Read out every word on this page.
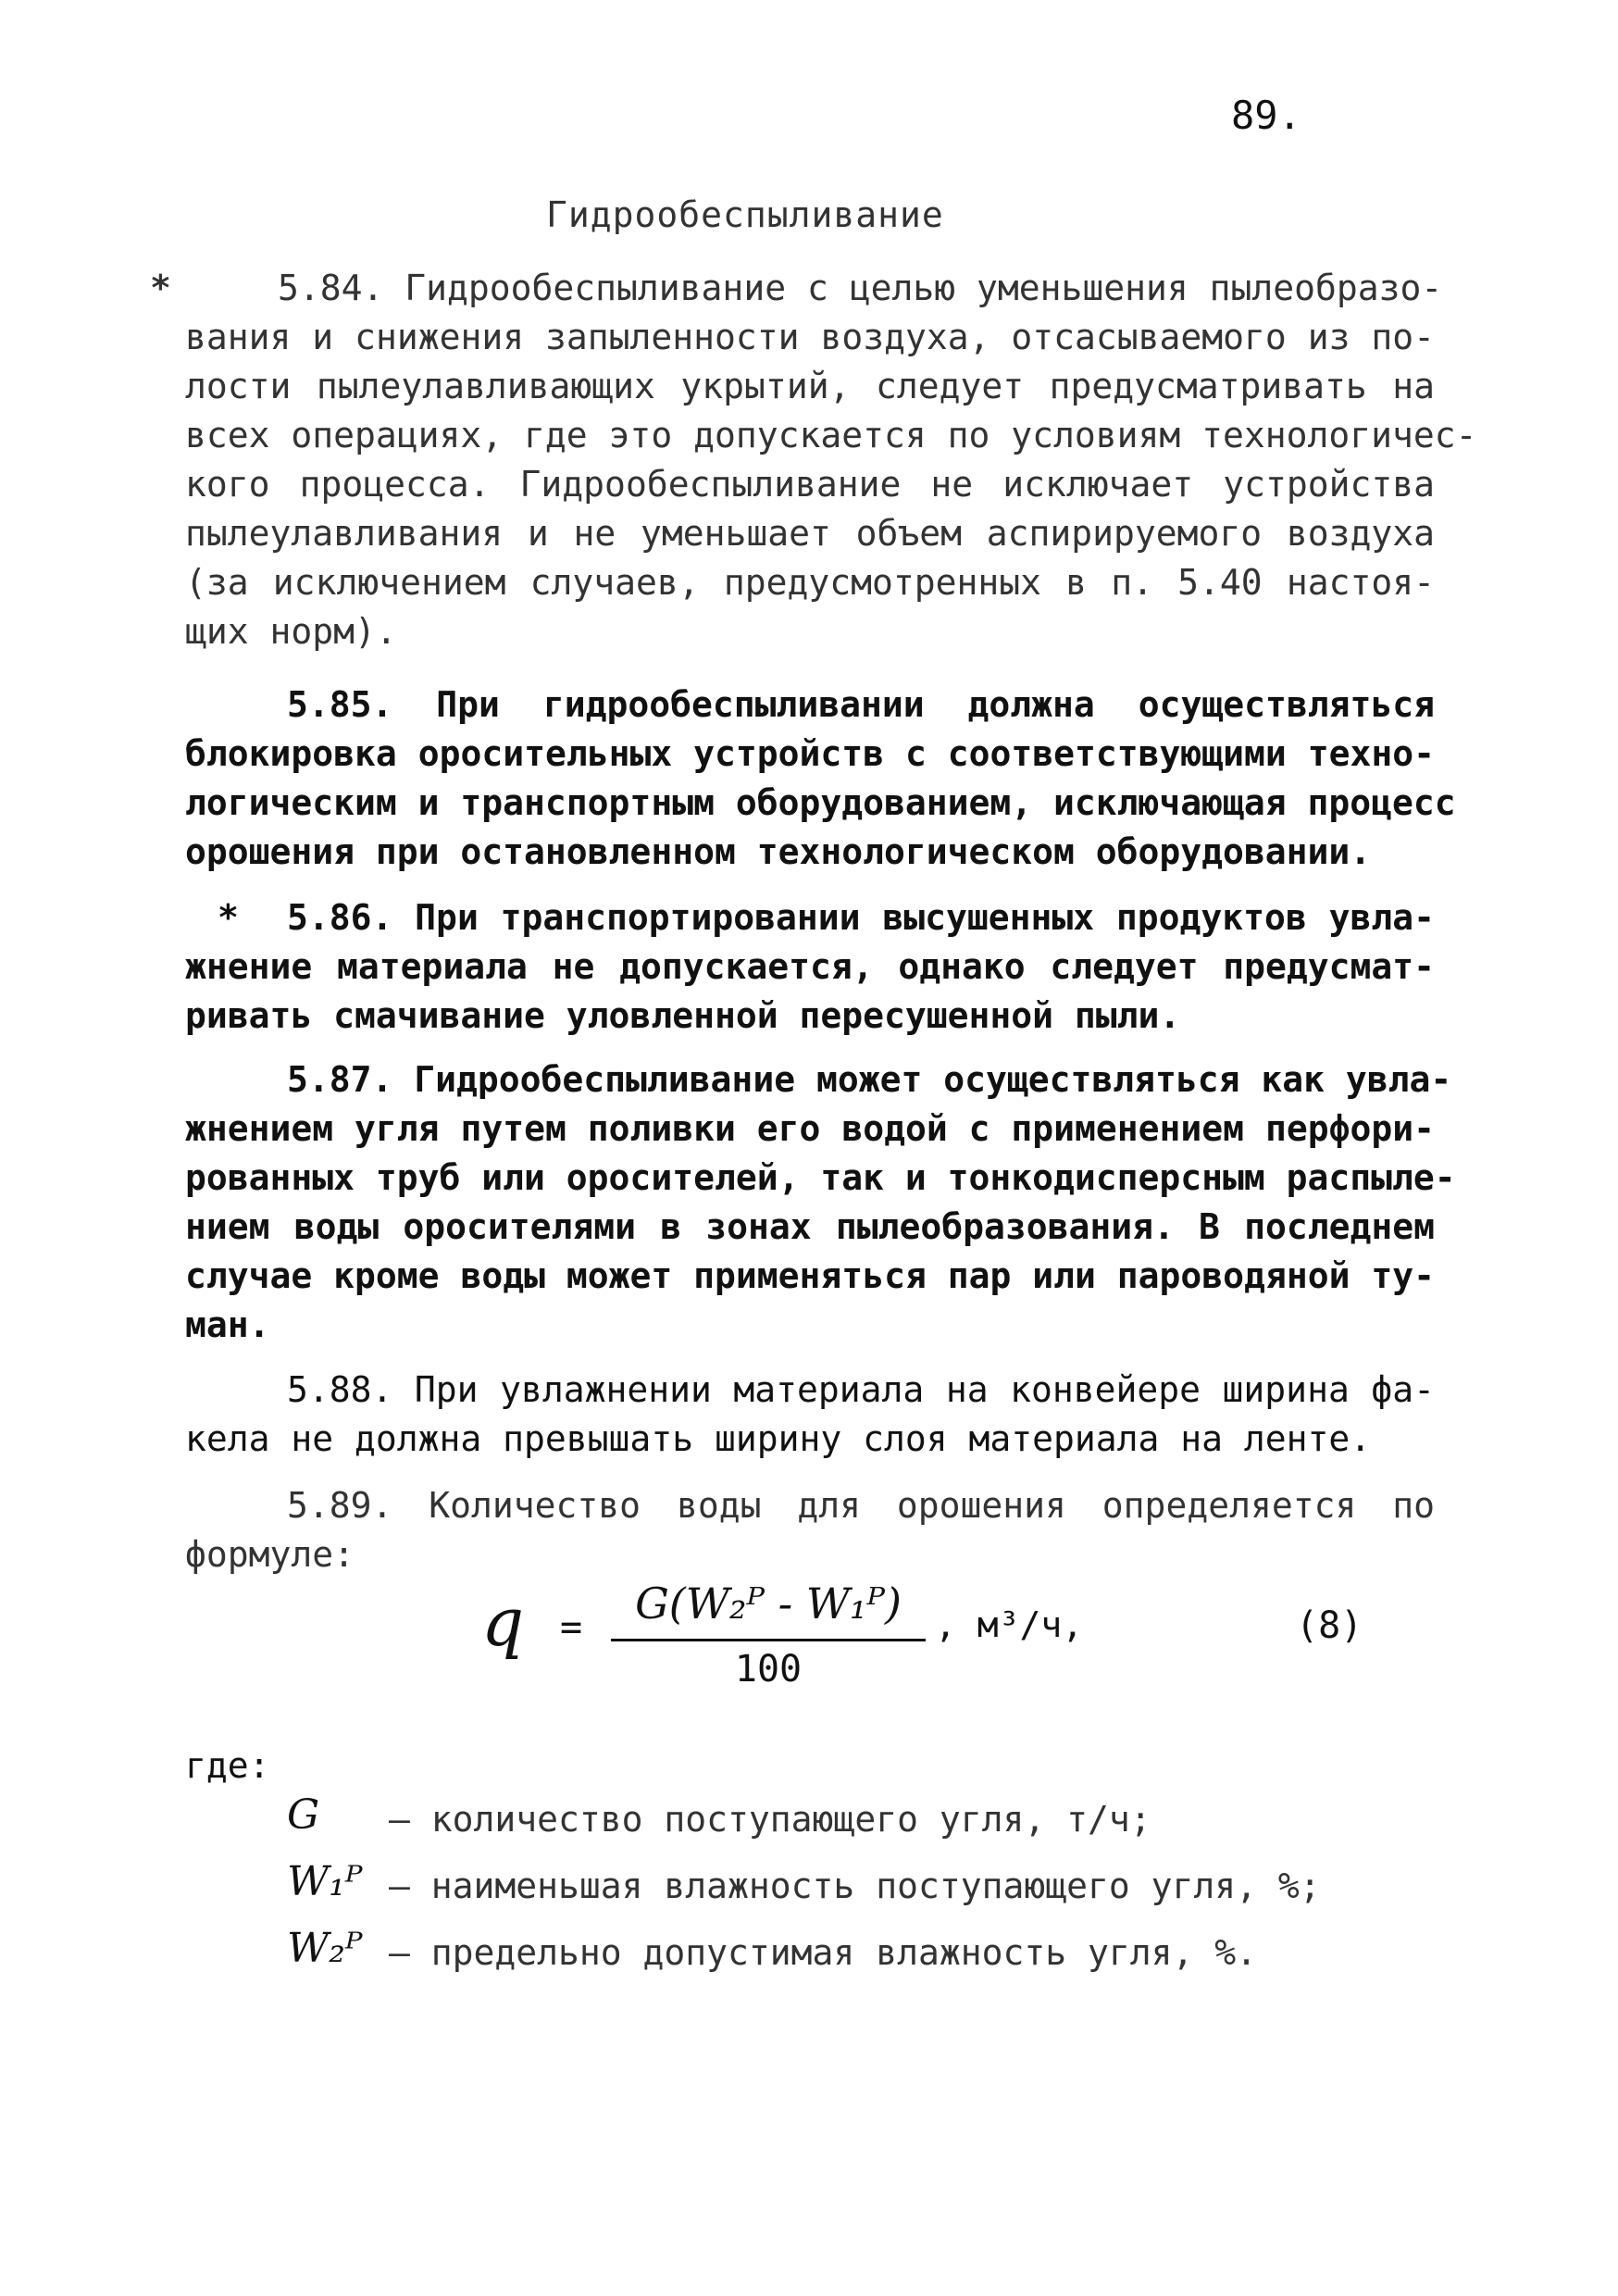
89.
Гидрообеспыливание
*	5.84. Гидрообеспыливание с целью уменьшения пылеобразо-
вания и снижения запыленности воздуха, отсасываемого из по-
лости пылеулавливающих укрытий, следует предусматривать на
всех операциях, где это допускается по условиям технологичес-
кого процесса. Гидрообеспыливание не исключает устройства
пылеулавливания и не уменьшает объем аспирируемого воздуха
(за исключением случаев, предусмотренных в п. 5.40 настоя-
щих норм).
5.85. При гидрообеспыливании должна осуществляться
блокировка оросительных устройств с соответствующими техно-
логическим и транспортным оборудованием, исключающая процесс
орошения при остановленном технологическом оборудовании.
*	5.86. При транспортировании высушенных продуктов увла-
жнение материала не допускается, однако следует предусмат-
ривать смачивание уловленной пересушенной пыли.
5.87. Гидрообеспыливание может осуществляться как увла-
жнением угля путем поливки его водой с применением перфори-
рованных труб или оросителей, так и тонкодисперсным распыле-
нием воды оросителями в зонах пылеобразования. В последнем
случае кроме воды может применяться пар или пароводяной ту-
ман.
5.88. При увлажнении материала на конвейере ширина фа-
кела не должна превышать ширину слоя материала на ленте.
5.89. Количество воды для орошения определяется по
формуле:
q =	G(W₂ᴾ - W₁ᴾ)
100
, м³/ч,	(8)
где:
G – количество поступающего угля, т/ч;
W₁ᴾ – наименьшая влажность поступающего угля, %;
W₂ᴾ – предельно допустимая влажность угля, %.
